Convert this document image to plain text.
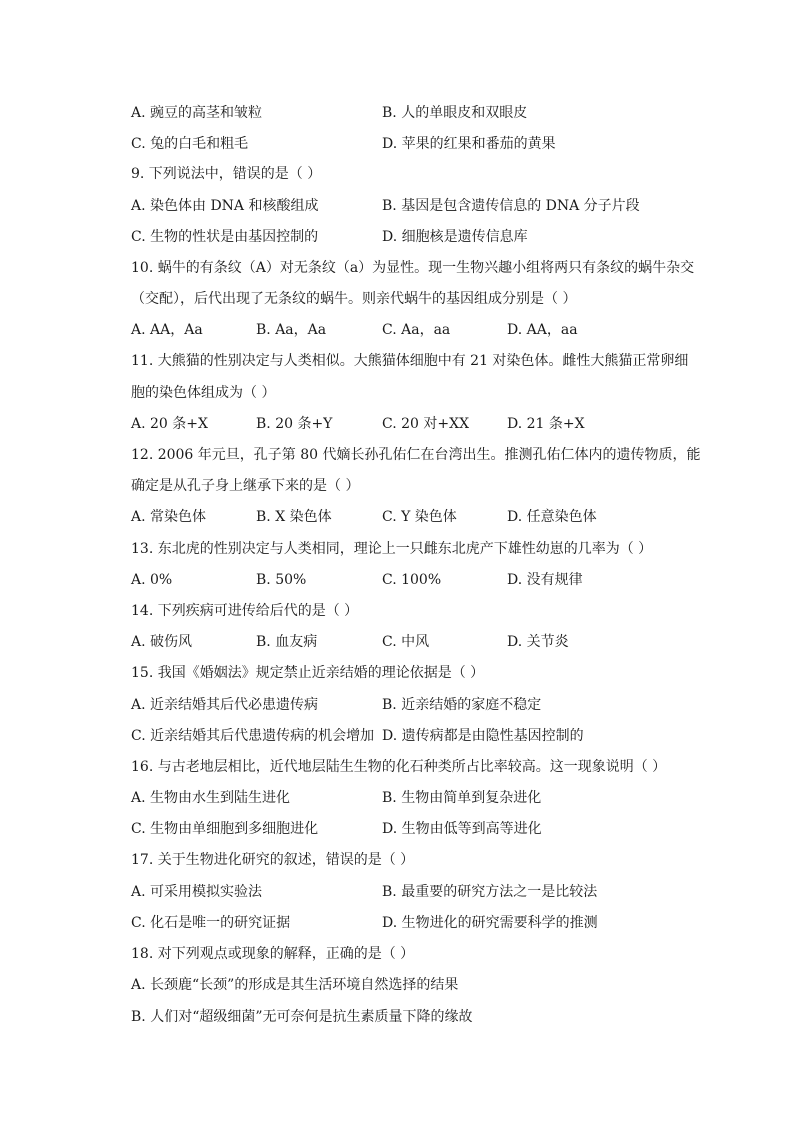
A. 豌豆的高茎和皱粒	B. 人的单眼皮和双眼皮
C. 兔的白毛和粗毛	D. 苹果的红果和番茄的黄果
9. 下列说法中，错误的是（ ）
A. 染色体由 DNA 和核酸组成	B. 基因是包含遗传信息的 DNA 分子片段
C. 生物的性状是由基因控制的	D. 细胞核是遗传信息库
10. 蜗牛的有条纹（A）对无条纹（a）为显性。现一生物兴趣小组将两只有条纹的蜗牛杂交
（交配），后代出现了无条纹的蜗牛。则亲代蜗牛的基因组成分别是（ ）
A. AA，Aa	B. Aa，Aa	C. Aa，aa	D. AA，aa
11. 大熊猫的性别决定与人类相似。大熊猫体细胞中有 21 对染色体。雌性大熊猫正常卵细
胞的染色体组成为（ ）
A. 20 条+X	B. 20 条+Y	C. 20 对+XX	D. 21 条+X
12. 2006 年元旦，孔子第 80 代嫡长孙孔佑仁在台湾出生。推测孔佑仁体内的遗传物质，能
确定是从孔子身上继承下来的是（ ）
A. 常染色体	B. X 染色体	C. Y 染色体	D. 任意染色体
13. 东北虎的性别决定与人类相同，理论上一只雌东北虎产下雄性幼崽的几率为（ ）
A. 0%	B. 50%	C. 100%	D. 没有规律
14. 下列疾病可进传给后代的是（ ）
A. 破伤风	B. 血友病	C. 中风	D. 关节炎
15. 我国《婚姻法》规定禁止近亲结婚的理论依据是（ ）
A. 近亲结婚其后代必患遗传病	B. 近亲结婚的家庭不稳定
C. 近亲结婚其后代患遗传病的机会增加 D. 遗传病都是由隐性基因控制的
16. 与古老地层相比，近代地层陆生生物的化石种类所占比率较高。这一现象说明（ ）
A. 生物由水生到陆生进化	B. 生物由简单到复杂进化
C. 生物由单细胞到多细胞进化	D. 生物由低等到高等进化
17. 关于生物进化研究的叙述，错误的是（ ）
A. 可采用模拟实验法	B. 最重要的研究方法之一是比较法
C. 化石是唯一的研究证据	D. 生物进化的研究需要科学的推测
18. 对下列观点或现象的解释，正确的是（ ）
A. 长颈鹿“长颈”的形成是其生活环境自然选择的结果
B. 人们对“超级细菌”无可奈何是抗生素质量下降的缘故
